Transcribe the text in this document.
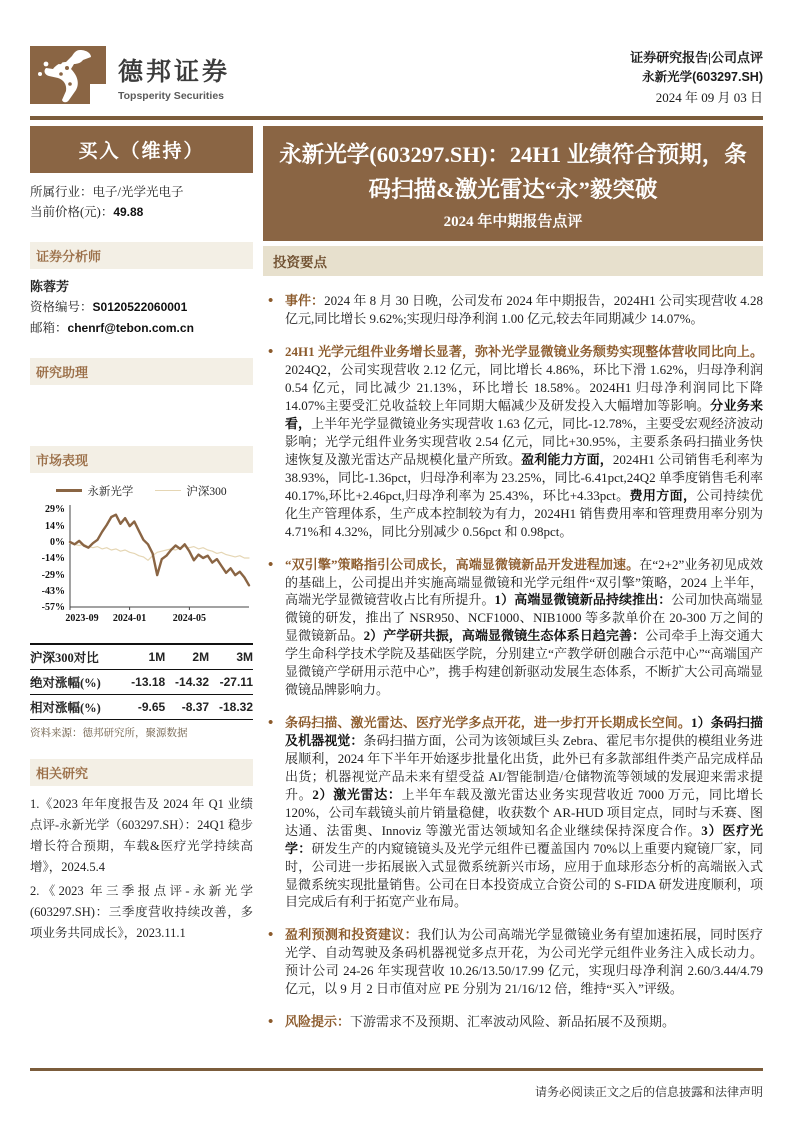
德邦证券
Topsperity Securities
证券研究报告|公司点评
永新光学(603297.SH)
2024 年 09 月 03 日
买入（维持）
所属行业：电子/光学光电子
当前价格(元)：49.88
证券分析师
陈蓉芳
资格编号：S0120522060001
邮箱：chenrf@tebon.com.cn
研究助理
市场表现
永新光学	沪深300
29%
14%
0%
-14%
-29%
-43%
-57%
2023-09 2024-01	2024-05
沪深300对比	1M	2M	3M
绝对涨幅(%)	-13.18	-14.32	-27.11
相对涨幅(%)	-9.65	-8.37	-18.32
资料来源：德邦研究所，聚源数据
相关研究
1.《2023 年年度报告及 2024 年 Q1 业绩点评-永新光学（603297.SH）：24Q1 稳步增长符合预期，车载&医疗光学持续高增》，2024.5.4
2.《2023 年三季报点评-永新光学(603297.SH)：三季度营收持续改善，多项业务共同成长》，2023.11.1
永新光学(603297.SH)：24H1 业绩符合预期，条码扫描&激光雷达“永”毅突破
2024 年中期报告点评
投资要点
• 事件：2024 年 8 月 30 日晚，公司发布 2024 年中期报告，2024H1 公司实现营收 4.28 亿元,同比增长 9.62%;实现归母净利润 1.00 亿元,较去年同期减少 14.07%。
• 24H1 光学元组件业务增长显著，弥补光学显微镜业务颓势实现整体营收同比向上。2024Q2，公司实现营收 2.12 亿元，同比增长 4.86%，环比下滑 1.62%，归母净利润 0.54 亿元，同比减少 21.13%，环比增长 18.58%。2024H1 归母净利润同比下降 14.07%主要受汇兑收益较上年同期大幅减少及研发投入大幅增加等影响。分业务来看，上半年光学显微镜业务实现营收 1.63 亿元，同比-12.78%，主要受宏观经济波动影响；光学元组件业务实现营收 2.54 亿元，同比+30.95%，主要系条码扫描业务快速恢复及激光雷达产品规模化量产所致。盈利能力方面，2024H1 公司销售毛利率为 38.93%，同比-1.36pct，归母净利率为 23.25%，同比-6.41pct,24Q2 单季度销售毛利率 40.17%,环比+2.46pct,归母净利率为 25.43%，环比+4.33pct。费用方面，公司持续优化生产管理体系，生产成本控制较为有力，2024H1 销售费用率和管理费用率分别为 4.71%和 4.32%，同比分别减少 0.56pct 和 0.98pct。
• “双引擎”策略指引公司成长，高端显微镜新品开发进程加速。在“2+2”业务初见成效的基础上，公司提出并实施高端显微镜和光学元组件“双引擎”策略，2024 上半年，高端光学显微镜营收占比有所提升。1）高端显微镜新品持续推出：公司加快高端显微镜的研发，推出了 NSR950、NCF1000、NIB1000 等多款单价在 20-300 万之间的显微镜新品。2）产学研共振，高端显微镜生态体系日趋完善：公司牵手上海交通大学生命科学技术学院及基础医学院，分别建立“产教学研创融合示范中心”“高端国产显微镜产学研用示范中心”，携手构建创新驱动发展生态体系，不断扩大公司高端显微镜品牌影响力。
• 条码扫描、激光雷达、医疗光学多点开花，进一步打开长期成长空间。1）条码扫描及机器视觉：条码扫描方面，公司为该领域巨头 Zebra、霍尼韦尔提供的模组业务进展顺利，2024 年下半年开始逐步批量化出货，此外已有多款部组件类产品完成样品出货；机器视觉产品未来有望受益 AI/智能制造/仓储物流等领域的发展迎来需求提升。2）激光雷达：上半年车载及激光雷达业务实现营收近 7000 万元，同比增长 120%，公司车载镜头前片销量稳健，收获数个 AR-HUD 项目定点，同时与禾赛、图达通、法雷奥、Innoviz 等激光雷达领域知名企业继续保持深度合作。3）医疗光学：研发生产的内窥镜镜头及光学元组件已覆盖国内 70%以上重要内窥镜厂家，同时，公司进一步拓展嵌入式显微系统新兴市场，应用于血球形态分析的高端嵌入式显微系统实现批量销售。公司在日本投资成立合资公司的 S-FIDA 研发进度顺利，项目完成后有利于拓宽产业布局。
• 盈利预测和投资建议：我们认为公司高端光学显微镜业务有望加速拓展，同时医疗光学、自动驾驶及条码机器视觉多点开花，为公司光学元组件业务注入成长动力。预计公司 24-26 年实现营收 10.26/13.50/17.99 亿元，实现归母净利润 2.60/3.44/4.79 亿元，以 9 月 2 日市值对应 PE 分别为 21/16/12 倍，维持“买入”评级。
• 风险提示：下游需求不及预期、汇率波动风险、新品拓展不及预期。
请务必阅读正文之后的信息披露和法律声明
